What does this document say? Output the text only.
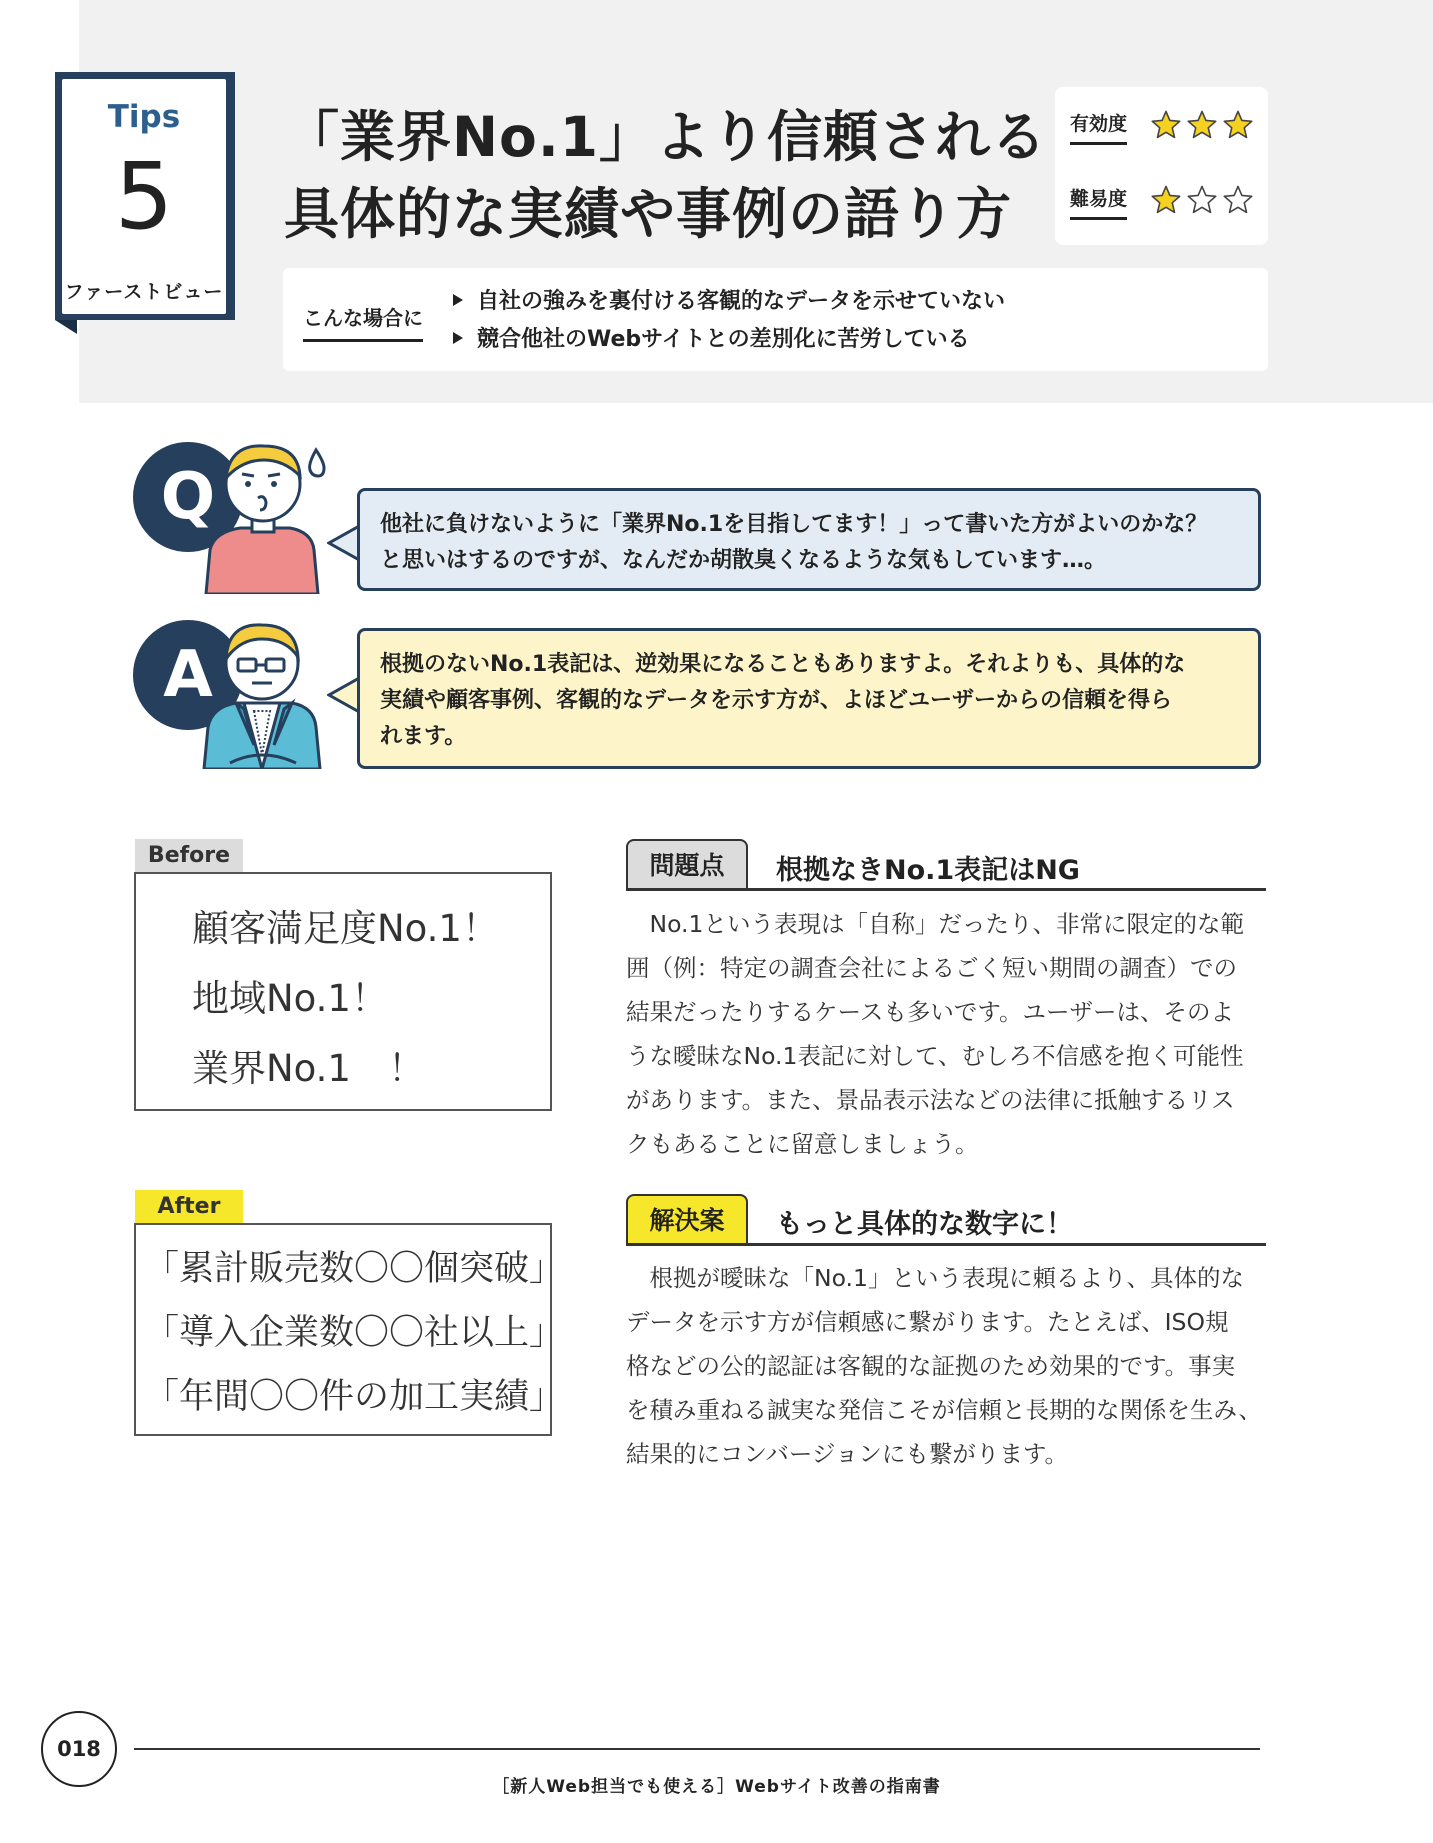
Tips
5
ファーストビュー
「業界No.1」より信頼される
具体的な実績や事例の語り方
有効度
難易度
こんな場合に
自社の強みを裏付ける客観的なデータを示せていない
競合他社のWebサイトとの差別化に苦労している
Q	他社に負けないように「業界No.1を目指してます！」って書いた方がよいのかな？
と思いはするのですが、なんだか胡散臭くなるような気もしています…。
A	根拠のないNo.1表記は、逆効果になることもありますよ。それよりも、具体的な
実績や顧客事例、客観的なデータを示す方が、よほどユーザーからの信頼を得ら
れます。
Before
顧客満足度No.1！
地域No.1！
業界No.1　！
After
「累計販売数〇〇個突破」
「導入企業数〇〇社以上」
「年間〇〇件の加工実績」
問題点	根拠なきNo.1表記はNG
　No.1という表現は「自称」だったり、非常に限定的な範
囲（例：特定の調査会社によるごく短い期間の調査）での
結果だったりするケースも多いです。ユーザーは、そのよ
うな曖昧なNo.1表記に対して、むしろ不信感を抱く可能性
があります。また、景品表示法などの法律に抵触するリス
クもあることに留意しましょう。
解決案	もっと具体的な数字に！
　根拠が曖昧な「No.1」という表現に頼るより、具体的な
データを示す方が信頼感に繋がります。たとえば、ISO規
格などの公的認証は客観的な証拠のため効果的です。事実
を積み重ねる誠実な発信こそが信頼と長期的な関係を生み、
結果的にコンバージョンにも繋がります。
018
［新人Web担当でも使える］Webサイト改善の指南書
